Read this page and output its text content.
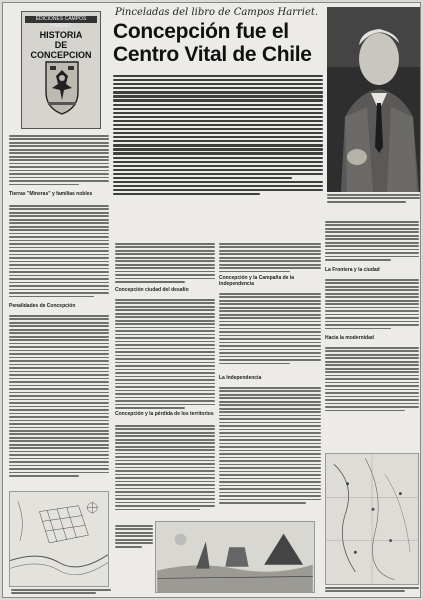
EDICIONES CAMPOS HARRIET
HISTORIA
DE
CONCEPCION
Pinceladas del libro de Campos Harriet.
Concepción fue el Centro Vital de Chile
Tierras "Mineras" y familias nobles
Penalidades de Concepción
Concepción ciudad del desafío
Concepción y la pérdida de los territorios
Concepción y la Campaña de la Independencia
La Independencia
La Frontera y la ciudad
Hacia la modernidad
